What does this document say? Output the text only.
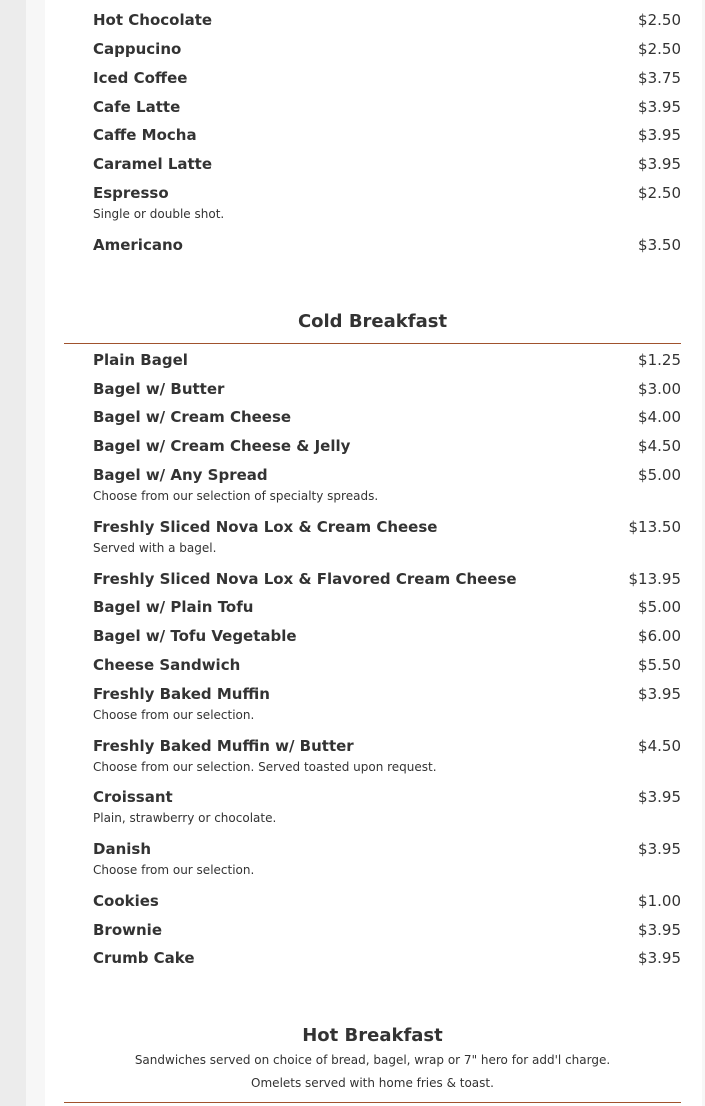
Hot Chocolate	$2.50
Cappucino	$2.50
Iced Coffee	$3.75
Cafe Latte	$3.95
Caffe Mocha	$3.95
Caramel Latte	$3.95
Espresso	$2.50
Single or double shot.
Americano	$3.50
Cold Breakfast
Plain Bagel	$1.25
Bagel w/ Butter	$3.00
Bagel w/ Cream Cheese	$4.00
Bagel w/ Cream Cheese & Jelly	$4.50
Bagel w/ Any Spread	$5.00
Choose from our selection of specialty spreads.
Freshly Sliced Nova Lox & Cream Cheese	$13.50
Served with a bagel.
Freshly Sliced Nova Lox & Flavored Cream Cheese	$13.95
Bagel w/ Plain Tofu	$5.00
Bagel w/ Tofu Vegetable	$6.00
Cheese Sandwich	$5.50
Freshly Baked Muffin	$3.95
Choose from our selection.
Freshly Baked Muffin w/ Butter	$4.50
Choose from our selection. Served toasted upon request.
Croissant	$3.95
Plain, strawberry or chocolate.
Danish	$3.95
Choose from our selection.
Cookies	$1.00
Brownie	$3.95
Crumb Cake	$3.95
Hot Breakfast
Sandwiches served on choice of bread, bagel, wrap or 7" hero for add'l charge.
Omelets served with home fries & toast.
